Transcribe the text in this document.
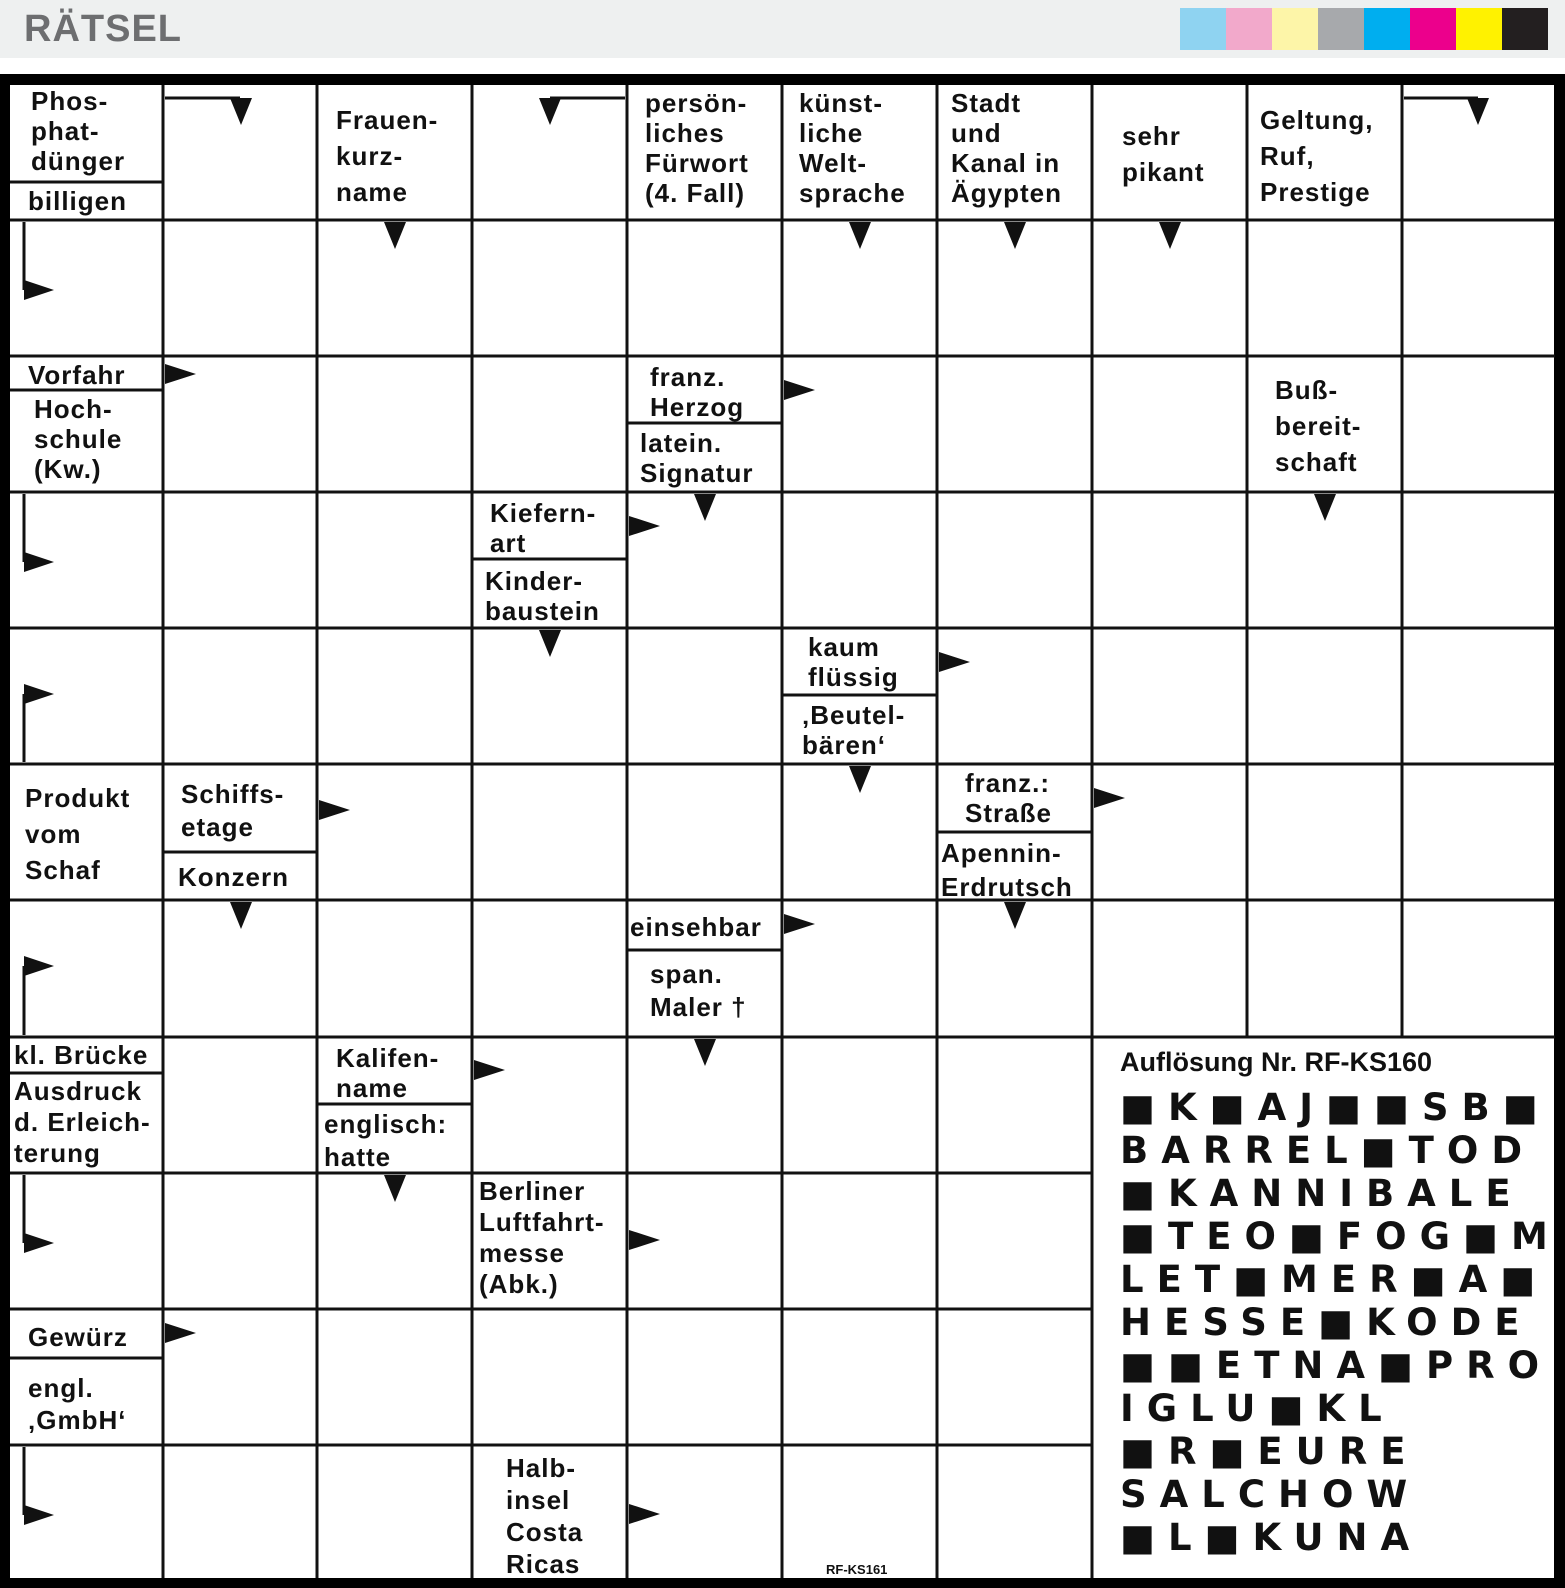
RÄTSEL
Phos-
phat-
dünger
billigen
Frauen-
kurz-
name
persön-
liches
Fürwort
(4. Fall)
künst-
liche
Welt-
sprache
Stadt
und
Kanal in
Ägypten
sehr
pikant
Geltung,
Ruf,
Prestige
Vorfahr
Hoch-
schule
(Kw.)
franz.
Herzog
latein.
Signatur
Buß-
bereit-
schaft
Kiefern-
art
Kinder-
baustein
kaum
flüssig
‚Beutel-
bären‘
Produkt
vom
Schaf
Schiffs-
etage
Konzern
franz.:
Straße
Apennin-
Erdrutsch
einsehbar
span.
Maler †
kl. Brücke
Ausdruck
d. Erleich-
terung
Kalifen-
name
englisch:
hatte
Berliner
Luftfahrt-
messe
(Abk.)
Gewürz
engl.
‚GmbH‘
Halb-
insel
Costa
Ricas
Auflösung Nr. RF-KS160
■K■AJ■■SB■
BARREL■TOD
■KANNIBALE
■TEO■FOG■M
LET■MER■A■
HESSE■KODE
■■ETNA■PRO
IGLU■KL
■R■EURE
SALCHOW
■L■KUNA
RF-KS161
